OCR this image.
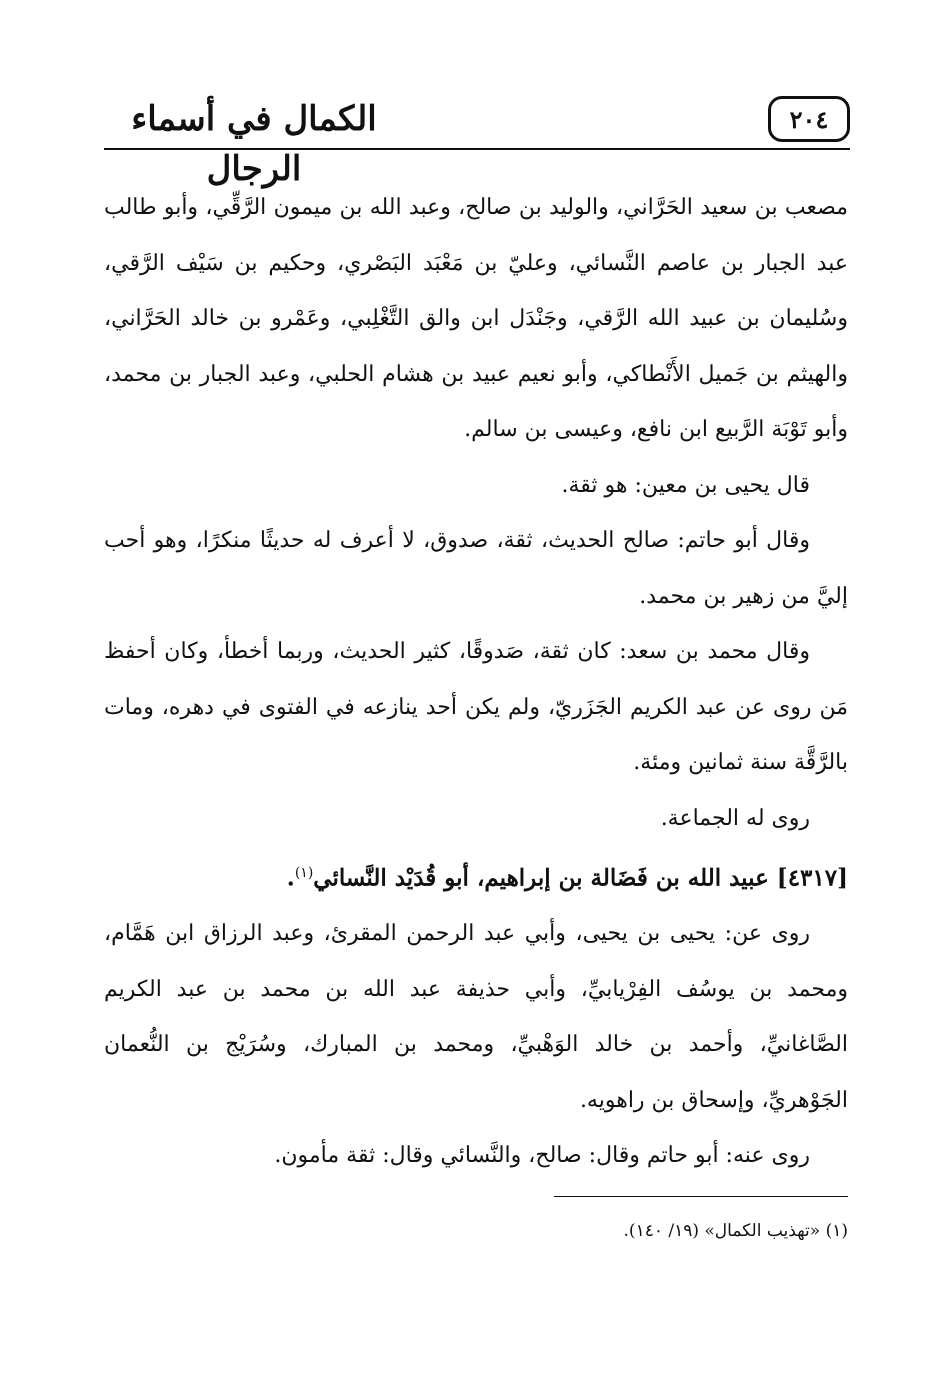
الكمال في أسماء الرجال
٢٠٤

مصعب بن سعيد الحَرَّاني، والوليد بن صالح، وعبد الله بن ميمون الرَّقِّي، وأبو طالب عبد الجبار بن عاصم النَّسائي، وعليّ بن مَعْبَد البَصْري، وحكيم بن سَيْف الرَّقي، وسُليمان بن عبيد الله الرَّقي، وجَنْدَل ابن والق التَّغْلِبي، وعَمْرو بن خالد الحَرَّاني، والهيثم بن جَميل الأَنْطاكي، وأبو نعيم عبيد بن هشام الحلبي، وعبد الجبار بن محمد، وأبو تَوْبَة الرَّبيع ابن نافع، وعيسى بن سالم.

قال يحيى بن معين: هو ثقة.

وقال أبو حاتم: صالح الحديث، ثقة، صدوق، لا أعرف له حديثًا منكرًا، وهو أحب إليَّ من زهير بن محمد.

وقال محمد بن سعد: كان ثقة، صَدوقًا، كثير الحديث، وربما أخطأ، وكان أحفظ مَن روى عن عبد الكريم الجَزَريّ، ولم يكن أحد ينازعه في الفتوى في دهره، ومات بالرَّقَّة سنة ثمانين ومئة.

روى له الجماعة.

[٤٣١٧] عبيد الله بن فَضَالة بن إبراهيم، أبو قُدَيْد النَّسائي$^{(١)}$.

روى عن: يحيى بن يحيى، وأبي عبد الرحمن المقرئ، وعبد الرزاق ابن هَمَّام، ومحمد بن يوسُف الفِرْيابيِّ، وأبي حذيفة عبد الله بن محمد بن عبد الكريم الصَّاغانيِّ، وأحمد بن خالد الوَهْبيِّ، ومحمد بن المبارك، وسُرَيْج بن النُّعمان الجَوْهريِّ، وإسحاق بن راهويه.

روى عنه: أبو حاتم وقال: صالح، والنَّسائي وقال: ثقة مأمون.

(١) «تهذيب الكمال» (١٩/ ١٤٠).
